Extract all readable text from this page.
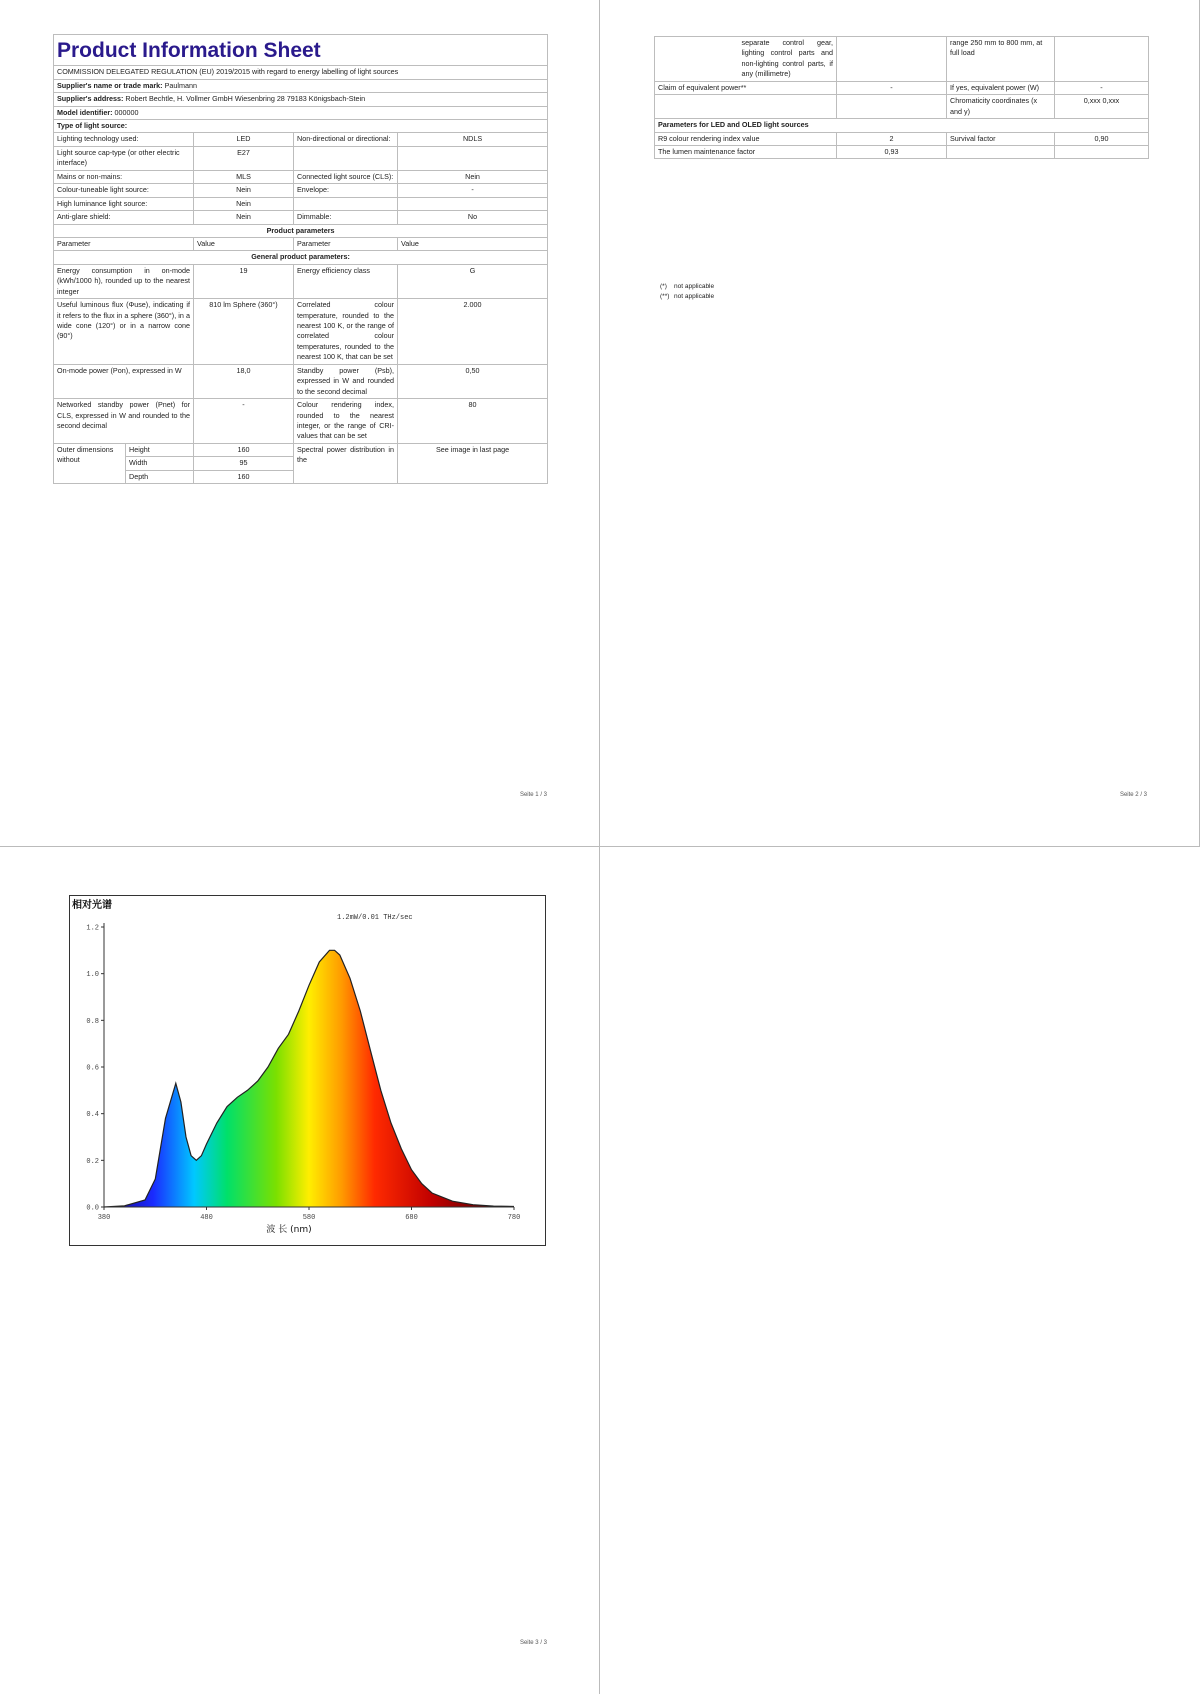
Product Information Sheet				
COMMISSION DELEGATED REGULATION (EU) 2019/2015 with regard to energy labelling of light sources				
Supplier's name or trade mark: Paulmann				
Supplier's address: Robert Bechtle, H. Vollmer GmbH Wiesenbring 28 79183 Königsbach-Stein				
Model identifier: 000000				
Type of light source:				
Lighting technology used:		LED	Non-directional or directional:	NDLS
Light source cap-type (or other electric interface)		E27		
Mains or non-mains:		MLS	Connected light source (CLS):	Nein
Colour-tuneable light source:		Nein	Envelope:	-
High luminance light source:		Nein		
Anti-glare shield:		Nein	Dimmable:	No
Product parameters				
Parameter		Value	Parameter	Value
General product parameters:				
Energy consumption in on-mode (kWh/1000 h), rounded up to the nearest integer		19	Energy efficiency class	G
Useful luminous flux (Φuse), indicating if it refers to the flux in a sphere (360°), in a wide cone (120°) or in a narrow cone (90°)		810 lm Sphere (360°)	Correlated colour temperature, rounded to the nearest 100 K, or the range of correlated colour temperatures, rounded to the nearest 100 K, that can be set	2.000
On-mode power (Pon), expressed in W		18,0	Standby power (Psb), expressed in W and rounded to the second decimal	0,50
Networked standby power (Pnet) for CLS, expressed in W and rounded to the second decimal		-	Colour rendering index, rounded to the nearest integer, or the range of CRI-values that can be set	80
Outer dimensions without	Height	160	Spectral power distribution in the	See image in last page
	Width	95		
	Depth	160		
Seite 1 / 3
	separate control gear, lighting control parts and non-lighting control parts, if any (millimetre)		range 250 mm to 800 mm, at full load	
Claim of equivalent power**		-	If yes, equivalent power (W)	-
			Chromaticity coordinates (x and y)	0,xxx 0,xxx
Parameters for LED and OLED light sources				
R9 colour rendering index value		2	Survival factor	0,90
The lumen maintenance factor		0,93		
Seite 2 / 3
(*) not applicable
(**) not applicable
Seite 3 / 3
0.0
0.2
0.4
0.6
0.8
1.0
1.2
380	480	580	680	780
相对光谱
1.2mW/0.01 THz/sec
波 长 (nm)
